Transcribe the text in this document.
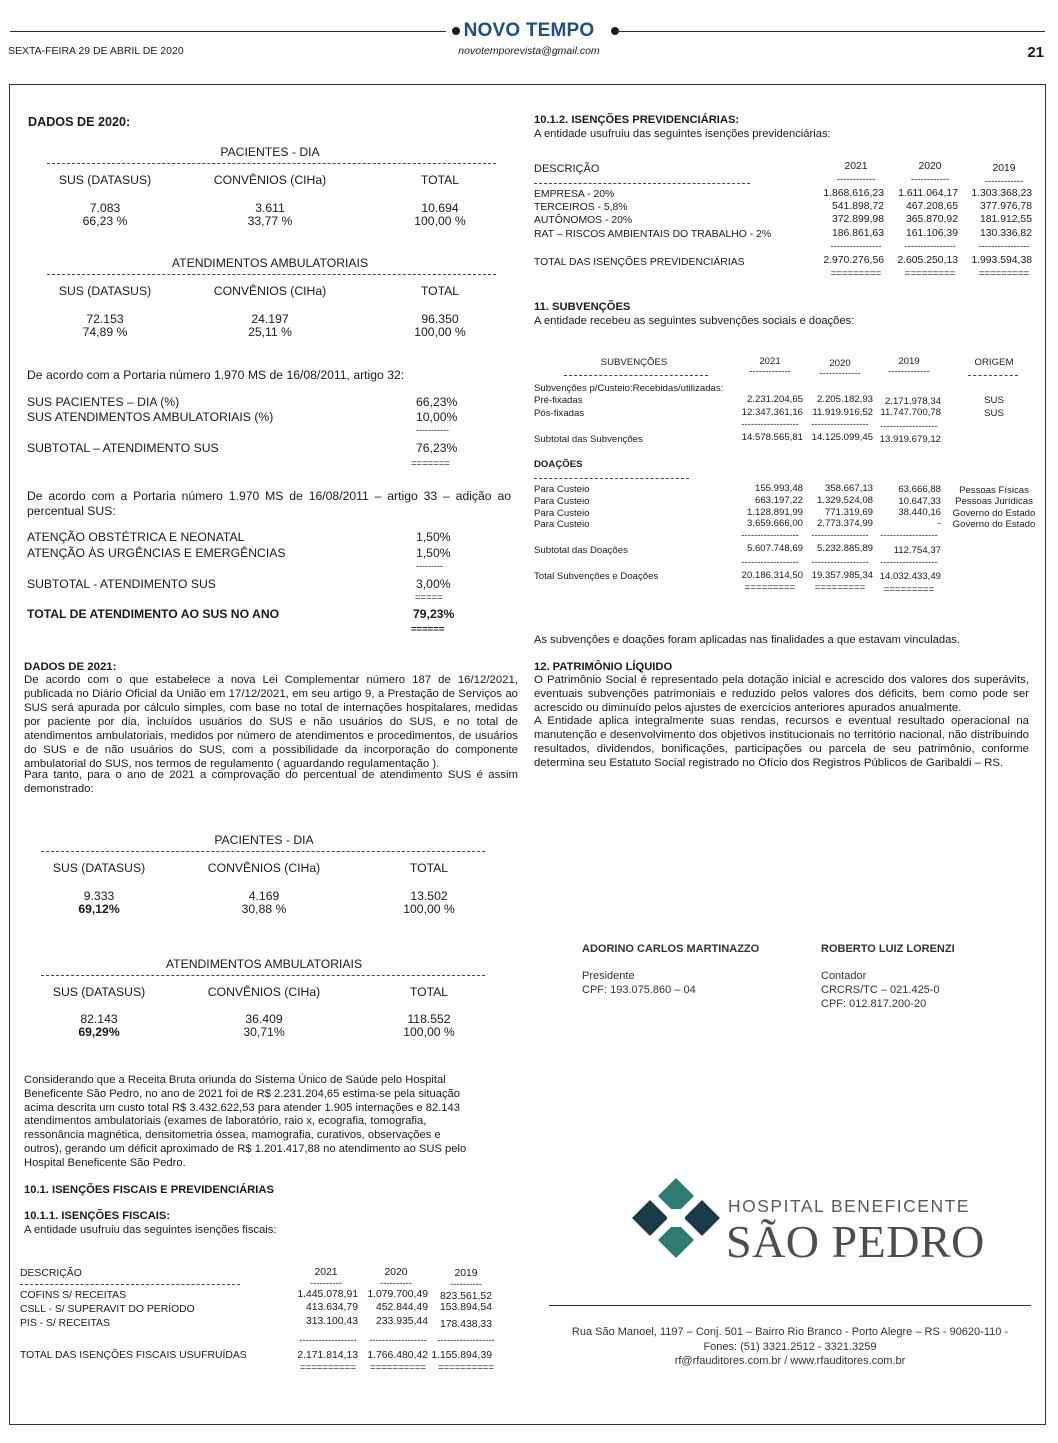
NOVO TEMPO
SEXTA-FEIRA 29 DE ABRIL DE 2020	novotemporevista@gmail.com	21
DADOS DE 2020:
PACIENTES - DIA
SUS (DATASUS)	CONVÊNIOS (CIHa)	TOTAL
7.083	3.611	10.694
66,23 %	33,77 %	100,00 %
ATENDIMENTOS AMBULATORIAIS
SUS (DATASUS)	CONVÊNIOS (CIHa)	TOTAL
72.153	24.197	96.350
74,89 %	25,11 %	100,00 %
De acordo com a Portaria número 1.970 MS de 16/08/2011, artigo 32:
SUS PACIENTES – DIA (%)	66,23%
SUS ATENDIMENTOS AMBULATORIAIS (%)	10,00%
-----------
SUBTOTAL – ATENDIMENTO SUS	76,23%
=======
De acordo com a Portaria número 1.970 MS de 16/08/2011 – artigo 33 – adição ao percentual SUS:
ATENÇÃO OBSTÉTRICA E NEONATAL	1,50%
ATENÇÃO ÀS URGÊNCIAS E EMERGÊNCIAS	1,50%
---------
SUBTOTAL - ATENDIMENTO SUS	3,00%
=====
TOTAL DE ATENDIMENTO AO SUS NO ANO	79,23%
======
DADOS DE 2021:
De acordo com o que estabelece a nova Lei Complementar número 187 de 16/12/2021, publicada no Diário Oficial da União em 17/12/2021, em seu artigo 9, a Prestação de Serviços ao SUS será apurada por cálculo simples, com base no total de internações hospitalares, medidas por paciente por dia, incluídos usuários do SUS e não usuários do SUS, e no total de atendimentos ambulatoriais, medidos por número de atendimentos e procedimentos, de usuários do SUS e de não usuários do SUS, com a possibilidade da incorporação do componente ambulatorial do SUS, nos termos de regulamento ( aguardando regulamentação ).
Para tanto, para o ano de 2021 a comprovação do percentual de atendimento SUS é assim demonstrado:
PACIENTES - DIA
SUS (DATASUS)	CONVÊNIOS (CIHa)	TOTAL
9.333	4.169	13.502
69,12%	30,88 %	100,00 %
ATENDIMENTOS AMBULATORIAIS
SUS (DATASUS)	CONVÊNIOS (CIHa)	TOTAL
82.143	36.409	118.552
69,29%	30,71%	100,00 %
Considerando que a Receita Bruta oriunda do Sistema Único de Saúde pelo Hospital Beneficente São Pedro, no ano de 2021 foi de R$ 2.231.204,65 estima-se pela situação acima descrita um custo total R$ 3.432.622,53 para atender 1.905 internações e 82.143 atendimentos ambulatoriais (exames de laboratório, raio x, ecografia, tomografia, ressonância magnética, densitometria óssea, mamografia, curativos, observações e outros), gerando um déficit aproximado de R$ 1.201.417,88 no atendimento ao SUS pelo Hospital Beneficente São Pedro.
10.1. ISENÇÕES FISCAIS E PREVIDENCIÁRIAS
10.1.1. ISENÇÕES FISCAIS:
A entidade usufruiu das seguintes isenções fiscais:
DESCRIÇÃO	2021	2020	2019
----------	----------	----------
COFINS S/ RECEITAS	1.445.078,91 1.079.700,49	823.561,52
CSLL - S/ SUPERAVIT DO PERÍODO	413.634,79	452.844,49	153.894,54
PIS - S/ RECEITAS	313.100,43	233.935,44	178.438,33
------------------	------------------	------------------
TOTAL DAS ISENÇÕES FISCAIS USUFRUÍDAS	2.171.814,13 1.766.480,42 1.155.894,39
==========	==========	==========
10.1.2. ISENÇÕES PREVIDENCIÁRIAS:
A entidade usufruiu das seguintes isenções previdenciárias:
DESCRIÇÃO	2021	2020	2019
------------	------------	------------
EMPRESA - 20%	1.868.616,23	1.611.064,17	1.303.368,23
TERCEIROS - 5,8%	541.898,72	467.208,65	377.976,78
AUTÔNOMOS - 20%	372.899,98	365.870,92	181.912,55
RAT – RISCOS AMBIENTAIS DO TRABALHO - 2%	186.861,63	161.106,39	130.336,82
----------------	----------------	----------------
TOTAL DAS ISENÇÕES PREVIDENCIÁRIAS	2.970.276,56	2.605.250,13	1.993.594,38
=========	=========	=========
11. SUBVENÇÕES
A entidade recebeu as seguintes subvenções sociais e doações:
SUBVENÇÕES	2021	2020	2019	ORIGEM
-------------	-------------	-------------
Subvenções p/Custeio:Recebidas/utilizadas:
Pré-fixadas	2.231.204,65	2.205.182,93	2.171.978,34	SUS
Pós-fixadas	12.347.361,16 11.919.916,52 11.747.700,78	SUS
------------------	------------------	------------------
Subtotal das Subvenções	14.578.565,81 14.125.099,45 13.919.679,12
DOAÇÕES
Para Custeio	155.993,48	358.667,13	63.666,88	Pessoas Físicas
Para Custeio	663.197,22	1.329.524,08	10.647,33	Pessoas Jurídicas
Para Custeio	1.128.891,99	771.319,69	38.440,16	Governo do Estado
Para Custeio	3.659.666,00	2.773.374,99	-	Governo do Estado
------------------	------------------	------------------
Subtotal das Doações	5.607.748,69	5.232.885,89	112.754,37
------------------	------------------	------------------
Total Subvenções e Doações	20.186.314,50 19.357.985,34 14.032.433,49
=========	=========	=========
As subvenções e doações foram aplicadas nas finalidades a que estavam vinculadas.
12. PATRIMÔNIO LÍQUIDO
O Patrimônio Social é representado pela dotação inicial e acrescido dos valores dos superávits, eventuais subvenções patrimoniais e reduzido pelos valores dos déficits, bem como pode ser acrescido ou diminuído pelos ajustes de exercícios anteriores apurados anualmente.
A Entidade aplica integralmente suas rendas, recursos e eventual resultado operacional na manutenção e desenvolvimento dos objetivos institucionais no território nacional, não distribuindo resultados, dividendos, bonificações, participações ou parcela de seu patrimônio, conforme determina seu Estatuto Social registrado no Ofício dos Registros Públicos de Garibaldi – RS.
ADORINO CARLOS MARTINAZZO
Presidente
CPF: 193.075.860 – 04
ROBERTO LUIZ LORENZI
Contador
CRCRS/TC – 021.425-0
CPF: 012.817.200-20
HOSPITAL BENEFICENTE
SÃO PEDRO
Rua São Manoel, 1197 – Conj. 501 – Bairro Rio Branco - Porto Alegre – RS - 90620-110 - Fones: (51) 3321.2512 - 3321.3259
rf@rfauditores.com.br / www.rfauditores.com.br
